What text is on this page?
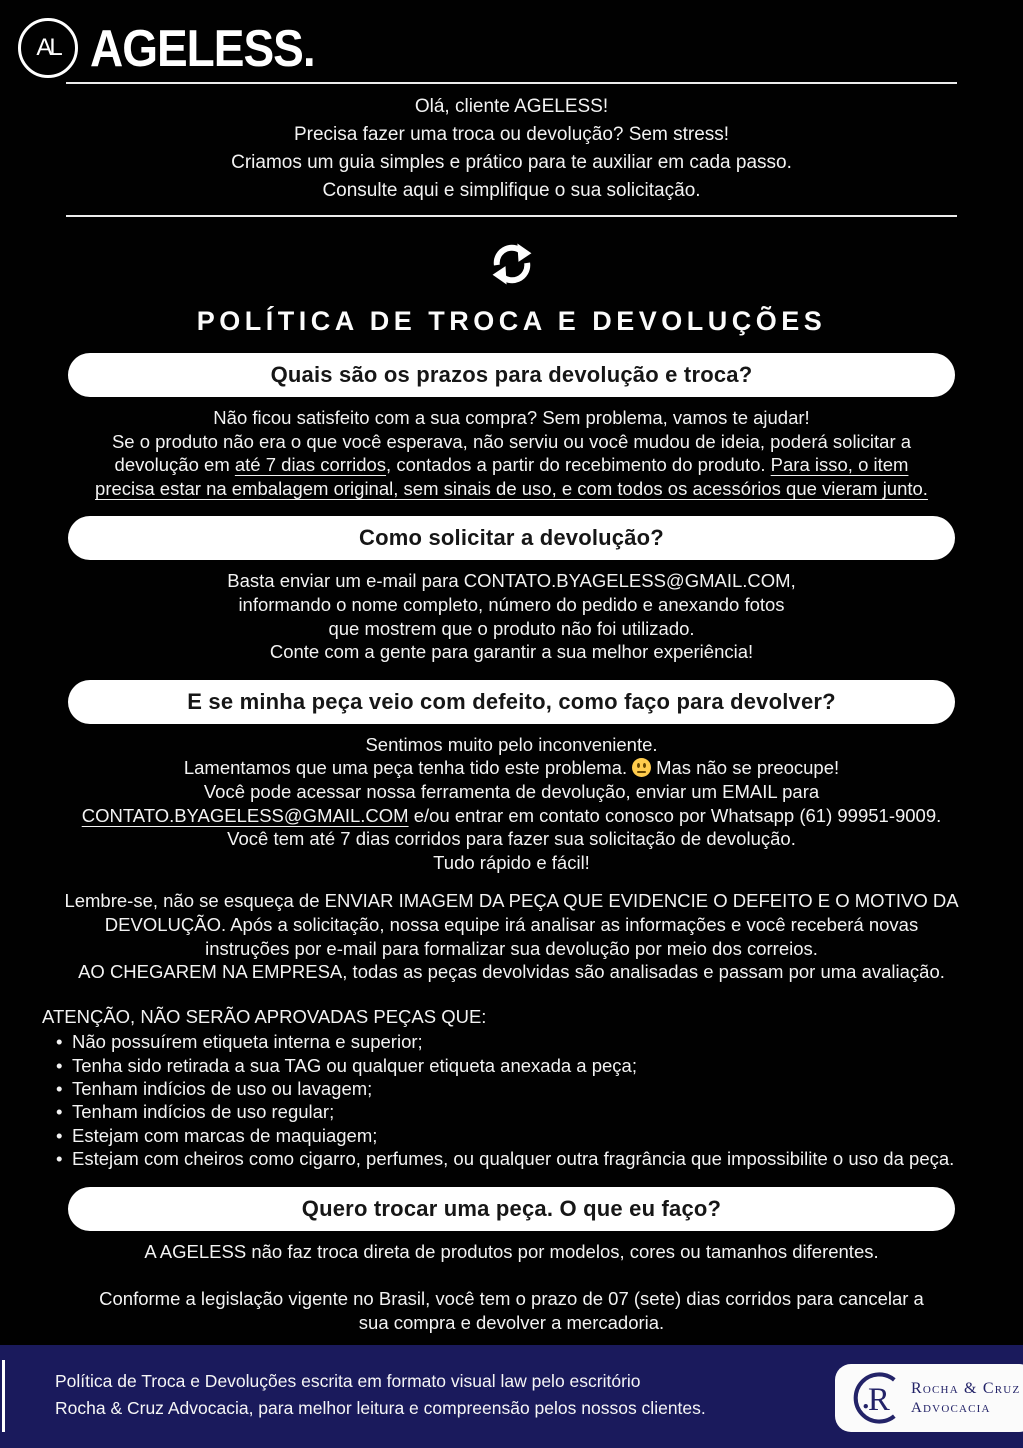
AL AGELESS.
Olá, cliente AGELESS!
Precisa fazer uma troca ou devolução? Sem stress!
Criamos um guia simples e prático para te auxiliar em cada passo.
Consulte aqui e simplifique o sua solicitação.
POLÍTICA DE TROCA E DEVOLUÇÕES
Quais são os prazos para devolução e troca?
Não ficou satisfeito com a sua compra? Sem problema, vamos te ajudar!
Se o produto não era o que você esperava, não serviu ou você mudou de ideia, poderá solicitar a
devolução em até 7 dias corridos, contados a partir do recebimento do produto. Para isso, o item
precisa estar na embalagem original, sem sinais de uso, e com todos os acessórios que vieram junto.
Como solicitar a devolução?
Basta enviar um e-mail para CONTATO.BYAGELESS@GMAIL.COM,
informando o nome completo, número do pedido e anexando fotos
que mostrem que o produto não foi utilizado.
Conte com a gente para garantir a sua melhor experiência!
E se minha peça veio com defeito, como faço para devolver?
Sentimos muito pelo inconveniente.
Lamentamos que uma peça tenha tido este problema. Mas não se preocupe!
Você pode acessar nossa ferramenta de devolução, enviar um EMAIL para
CONTATO.BYAGELESS@GMAIL.COM e/ou entrar em contato conosco por Whatsapp (61) 99951-9009.
Você tem até 7 dias corridos para fazer sua solicitação de devolução.
Tudo rápido e fácil!
Lembre-se, não se esqueça de ENVIAR IMAGEM DA PEÇA QUE EVIDENCIE O DEFEITO E O MOTIVO DA
DEVOLUÇÃO. Após a solicitação, nossa equipe irá analisar as informações e você receberá novas
instruções por e-mail para formalizar sua devolução por meio dos correios.
AO CHEGAREM NA EMPRESA, todas as peças devolvidas são analisadas e passam por uma avaliação.
ATENÇÃO, NÃO SERÃO APROVADAS PEÇAS QUE:
• Não possuírem etiqueta interna e superior;
• Tenha sido retirada a sua TAG ou qualquer etiqueta anexada a peça;
• Tenham indícios de uso ou lavagem;
• Tenham indícios de uso regular;
• Estejam com marcas de maquiagem;
• Estejam com cheiros como cigarro, perfumes, ou qualquer outra fragrância que impossibilite o uso da peça.
Quero trocar uma peça. O que eu faço?
A AGELESS não faz troca direta de produtos por modelos, cores ou tamanhos diferentes.
Conforme a legislação vigente no Brasil, você tem o prazo de 07 (sete) dias corridos para cancelar a
sua compra e devolver a mercadoria.
Política de Troca e Devoluções escrita em formato visual law pelo escritório
Rocha & Cruz Advocacia, para melhor leitura e compreensão pelos nossos clientes.	R Rocha & Cruz
Advocacia
